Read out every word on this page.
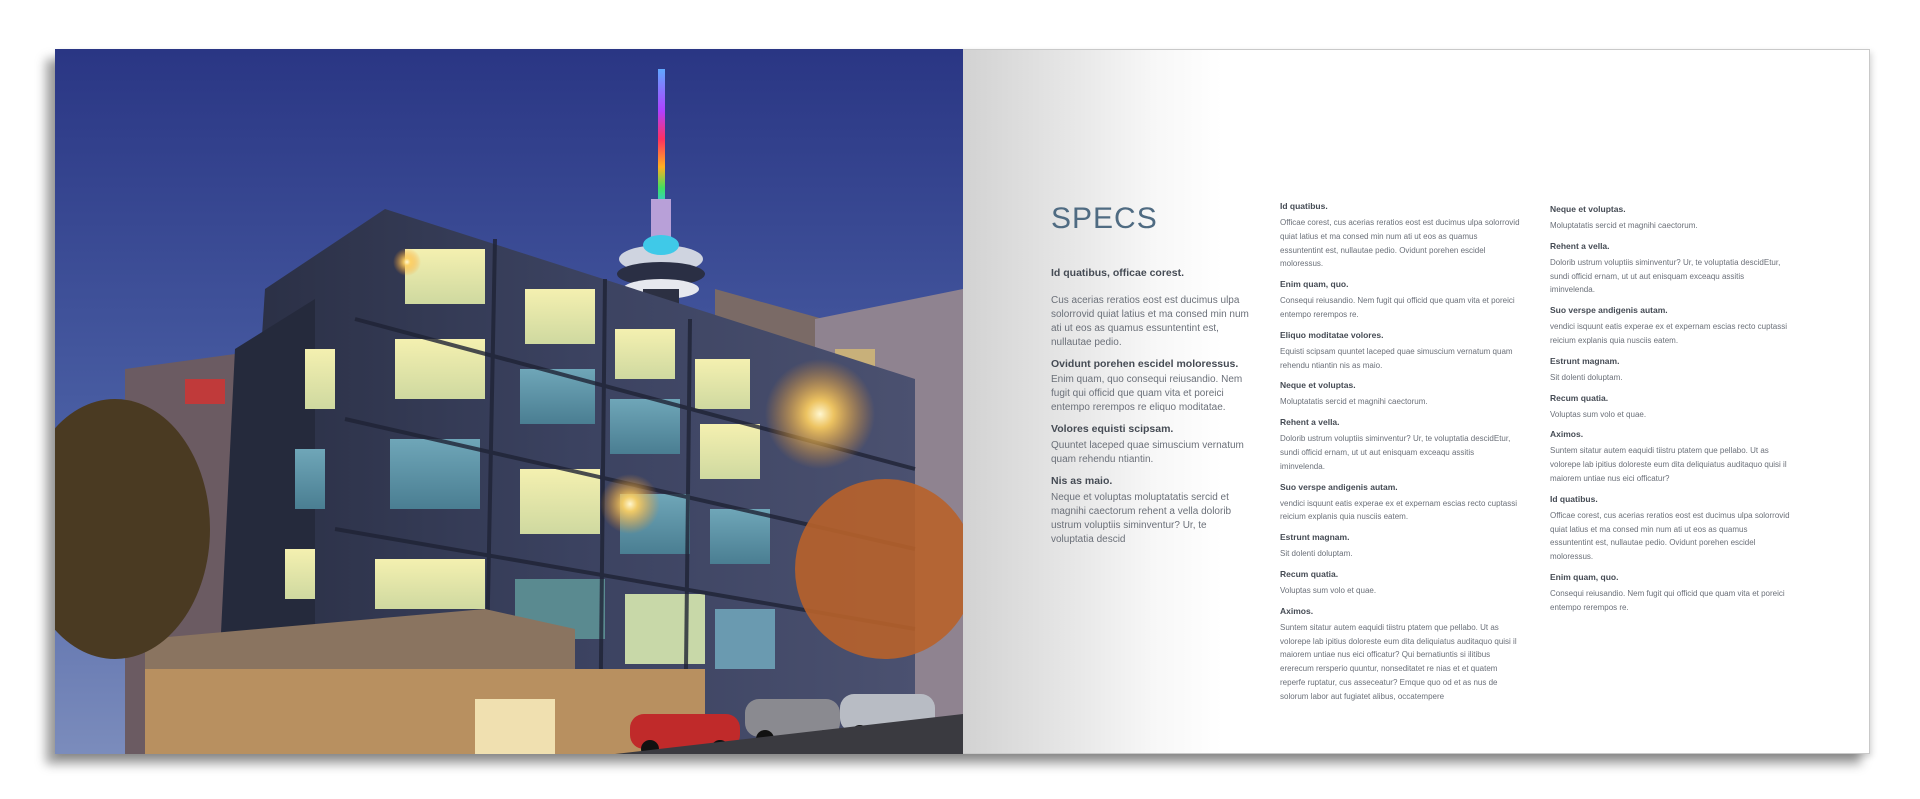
SPECS
Id quatibus, officae corest.
Cus acerias reratios eost est ducimus ulpa solorrovid quiat latius et ma consed min num ati ut eos as quamus essuntentint est, nullautae pedio.
Ovidunt porehen escidel moloressus.
Enim quam, quo consequi reiusandio. Nem fugit qui officid que quam vita et poreici entempo rerempos re eliquo moditatae.
Volores equisti scipsam.
Quuntet laceped quae simuscium vernatum quam rehendu ntiantin.
Nis as maio.
Neque et voluptas moluptatatis sercid et magnihi caectorum rehent a vella dolorib ustrum voluptiis siminventur? Ur, te voluptatia descid
Id quatibus.
Officae corest, cus acerias reratios eost est ducimus ulpa solorrovid quiat latius et ma consed min num ati ut eos as quamus essuntentint est, nullautae pedio. Ovidunt porehen escidel moloressus.
Enim quam, quo.
Consequi reiusandio. Nem fugit qui officid que quam vita et poreici entempo rerempos re.
Eliquo moditatae volores.
Equisti scipsam quuntet laceped quae simuscium vernatum quam rehendu ntiantin nis as maio.
Neque et voluptas.
Moluptatatis sercid et magnihi caectorum.
Rehent a vella.
Dolorib ustrum voluptiis siminventur? Ur, te voluptatia descidEtur, sundi officid ernam, ut ut aut enisquam exceaqu assitis iminvelenda.
Suo verspe andigenis autam.
vendici isquunt eatis experae ex et expernam escias recto cuptassi reicium explanis quia nusciis eatem.
Estrunt magnam.
Sit dolenti doluptam.
Recum quatia.
Voluptas sum volo et quae.
Aximos.
Suntem sitatur autem eaquidi tiistru ptatem que pellabo. Ut as volorepe lab ipitius doloreste eum dita deliquiatus auditaquo quisi il maiorem untiae nus eici officatur? Qui bernatiuntis si ilitibus ererecum rersperio quuntur, nonseditatet re nias et et quatem reperfe ruptatur, cus asseceatur? Emque quo od et as nus de solorum labor aut fugiatet alibus, occatempere
Neque et voluptas.
Moluptatatis sercid et magnihi caectorum.
Rehent a vella.
Dolorib ustrum voluptiis siminventur? Ur, te voluptatia descidEtur, sundi officid ernam, ut ut aut enisquam exceaqu assitis iminvelenda.
Suo verspe andigenis autam.
vendici isquunt eatis experae ex et expernam escias recto cuptassi reicium explanis quia nusciis eatem.
Estrunt magnam.
Sit dolenti doluptam.
Recum quatia.
Voluptas sum volo et quae.
Aximos.
Suntem sitatur autem eaquidi tiistru ptatem que pellabo. Ut as volorepe lab ipitius doloreste eum dita deliquiatus auditaquo quisi il maiorem untiae nus eici officatur?
Id quatibus.
Officae corest, cus acerias reratios eost est ducimus ulpa solorrovid quiat latius et ma consed min num ati ut eos as quamus essuntentint est, nullautae pedio. Ovidunt porehen escidel moloressus.
Enim quam, quo.
Consequi reiusandio. Nem fugit qui officid que quam vita et poreici entempo rerempos re.
